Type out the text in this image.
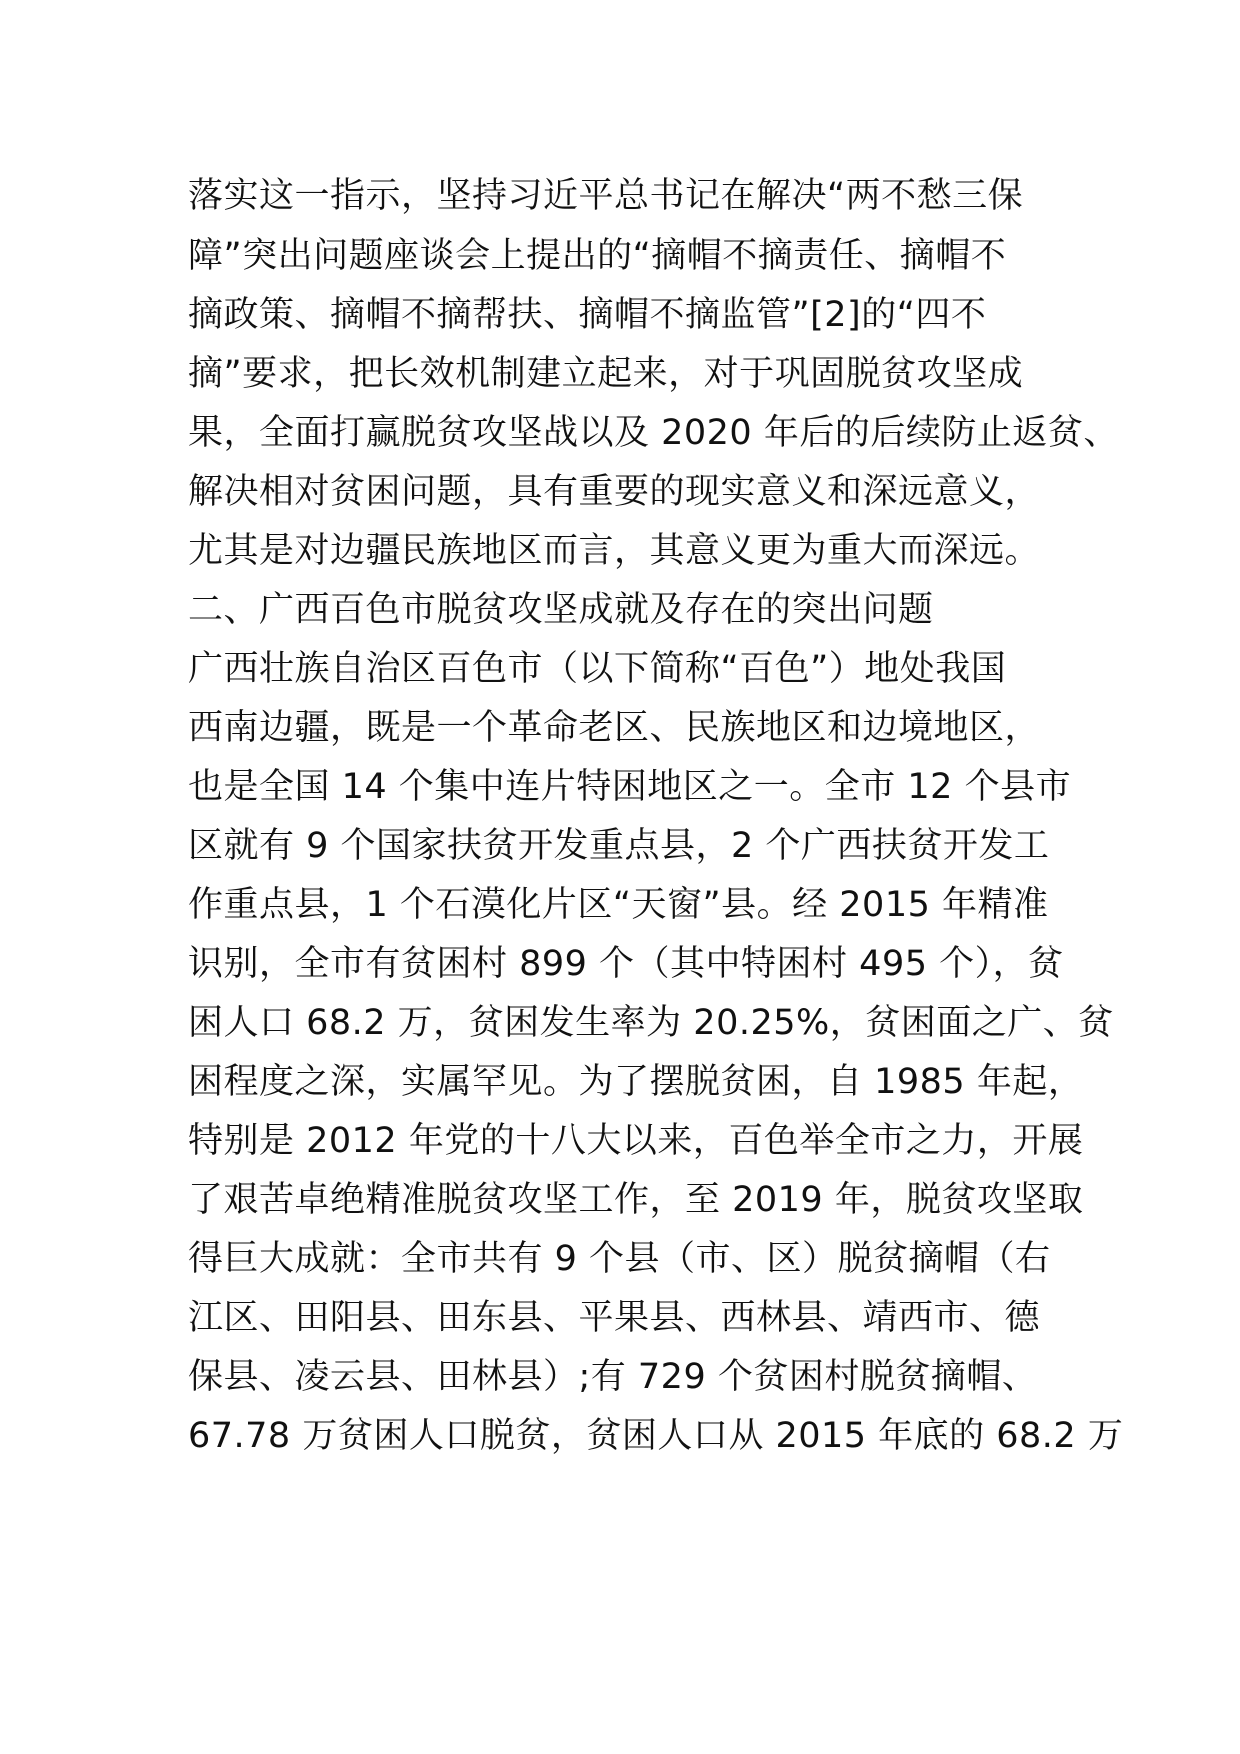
落实这一指示，坚持习近平总书记在解决“两不愁三保
障”突出问题座谈会上提出的“摘帽不摘责任、摘帽不
摘政策、摘帽不摘帮扶、摘帽不摘监管”[2]的“四不
摘”要求，把长效机制建立起来，对于巩固脱贫攻坚成
果，全面打赢脱贫攻坚战以及 2020 年后的后续防止返贫、
解决相对贫困问题，具有重要的现实意义和深远意义，
尤其是对边疆民族地区而言，其意义更为重大而深远。
二、广西百色市脱贫攻坚成就及存在的突出问题
广西壮族自治区百色市（以下简称“百色”）地处我国
西南边疆，既是一个革命老区、民族地区和边境地区，
也是全国 14 个集中连片特困地区之一。全市 12 个县市
区就有 9 个国家扶贫开发重点县，2 个广西扶贫开发工
作重点县，1 个石漠化片区“天窗”县。经 2015 年精准
识别，全市有贫困村 899 个（其中特困村 495 个），贫
困人口 68.2 万，贫困发生率为 20.25%，贫困面之广、贫
困程度之深，实属罕见。为了摆脱贫困，自 1985 年起，
特别是 2012 年党的十八大以来，百色举全市之力，开展
了艰苦卓绝精准脱贫攻坚工作，至 2019 年，脱贫攻坚取
得巨大成就：全市共有 9 个县（市、区）脱贫摘帽（右
江区、田阳县、田东县、平果县、西林县、靖西市、德
保县、凌云县、田林县）;有 729 个贫困村脱贫摘帽、
67.78 万贫困人口脱贫，贫困人口从 2015 年底的 68.2 万
